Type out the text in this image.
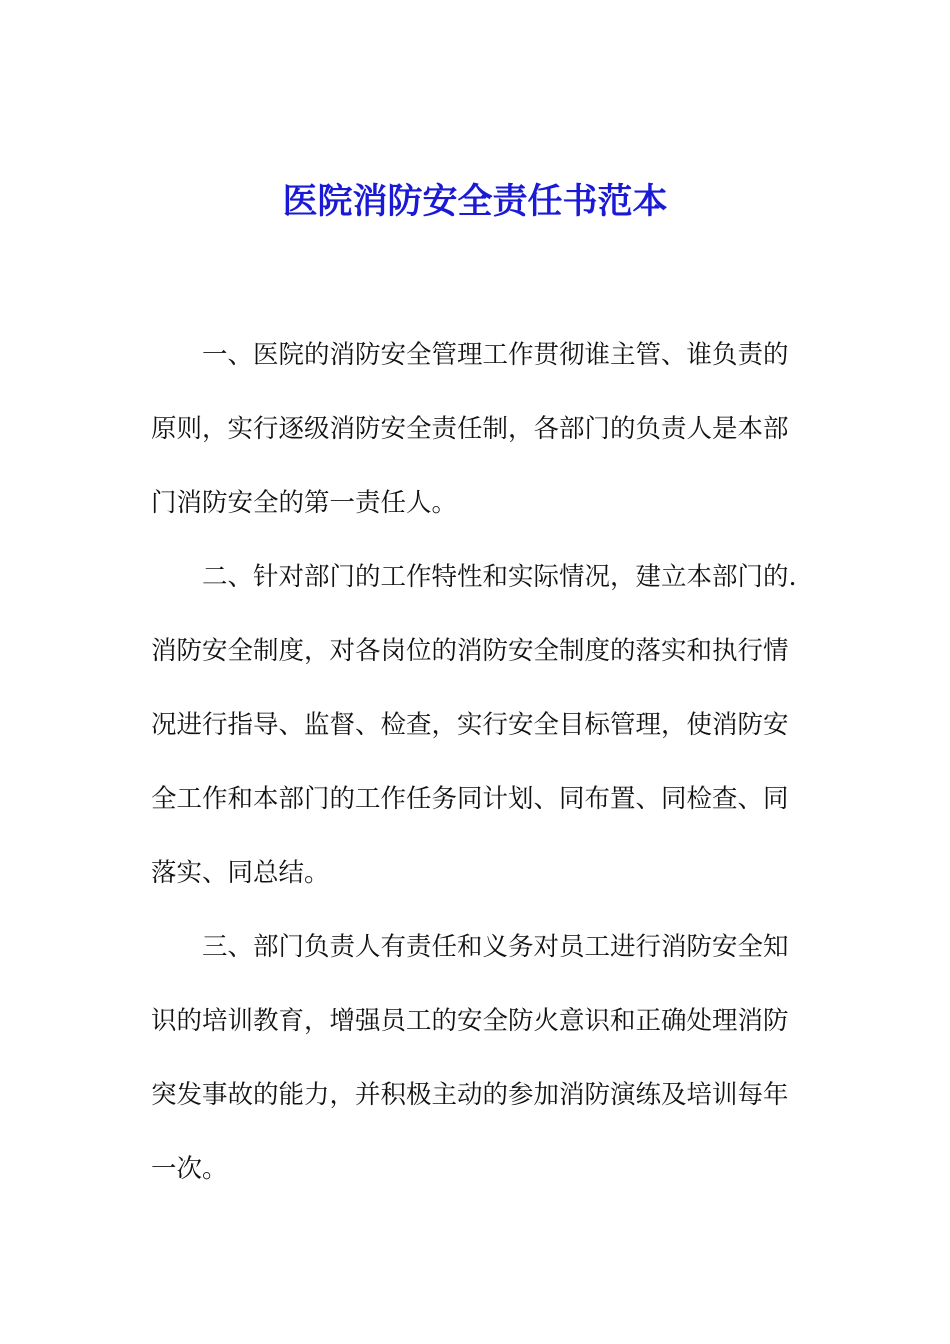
医院消防安全责任书范本
一、医院的消防安全管理工作贯彻谁主管、谁负责的
原则，实行逐级消防安全责任制，各部门的负责人是本部
门消防安全的第一责任人。
二、针对部门的工作特性和实际情况，建立本部门的.
消防安全制度，对各岗位的消防安全制度的落实和执行情
况进行指导、监督、检查，实行安全目标管理，使消防安
全工作和本部门的工作任务同计划、同布置、同检查、同
落实、同总结。
三、部门负责人有责任和义务对员工进行消防安全知
识的培训教育，增强员工的安全防火意识和正确处理消防
突发事故的能力，并积极主动的参加消防演练及培训每年
一次。
